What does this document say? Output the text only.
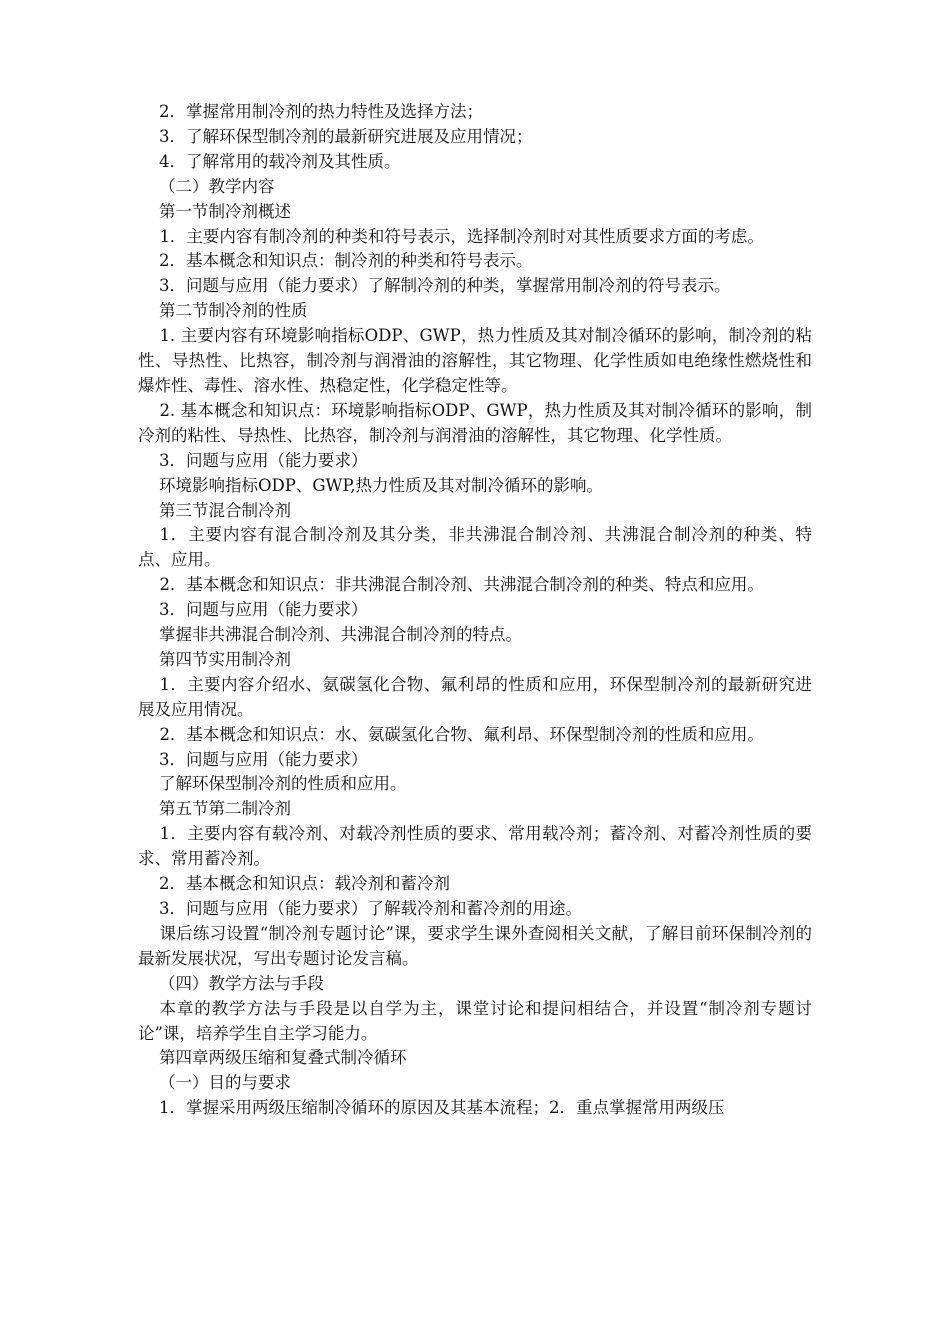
2．掌握常用制冷剂的热力特性及选择方法；
3．了解环保型制冷剂的最新研究进展及应用情况；
4．了解常用的载冷剂及其性质。
（二）教学内容
第一节制冷剂概述
1．主要内容有制冷剂的种类和符号表示，选择制冷剂时对其性质要求方面的考虑。
2．基本概念和知识点：制冷剂的种类和符号表示。
3．问题与应用（能力要求）了解制冷剂的种类，掌握常用制冷剂的符号表示。
第二节制冷剂的性质
1. 主要内容有环境影响指标ODP、GWP，热力性质及其对制冷循环的影响，制冷剂的粘性、导热性、比热容，制冷剂与润滑油的溶解性，其它物理、化学性质如电绝缘性燃烧性和爆炸性、毒性、溶水性、热稳定性，化学稳定性等。
2. 基本概念和知识点：环境影响指标ODP、GWP，热力性质及其对制冷循环的影响，制冷剂的粘性、导热性、比热容，制冷剂与润滑油的溶解性，其它物理、化学性质。
3．问题与应用（能力要求）
环境影响指标ODP、GWP,热力性质及其对制冷循环的影响。
第三节混合制冷剂
1．主要内容有混合制冷剂及其分类，非共沸混合制冷剂、共沸混合制冷剂的种类、特点、应用。
2．基本概念和知识点：非共沸混合制冷剂、共沸混合制冷剂的种类、特点和应用。
3．问题与应用（能力要求）
掌握非共沸混合制冷剂、共沸混合制冷剂的特点。
第四节实用制冷剂
1．主要内容介绍水、氨碳氢化合物、氟利昂的性质和应用，环保型制冷剂的最新研究进展及应用情况。
2．基本概念和知识点：水、氨碳氢化合物、氟利昂、环保型制冷剂的性质和应用。
3．问题与应用（能力要求）
了解环保型制冷剂的性质和应用。
第五节第二制冷剂
1．主要内容有载冷剂、对载冷剂性质的要求、常用载冷剂；蓄冷剂、对蓄冷剂性质的要求、常用蓄冷剂。
2．基本概念和知识点：载冷剂和蓄冷剂
3．问题与应用（能力要求）了解载冷剂和蓄冷剂的用途。
课后练习设置“制冷剂专题讨论”课，要求学生课外查阅相关文献，了解目前环保制冷剂的最新发展状况，写出专题讨论发言稿。
（四）教学方法与手段
本章的教学方法与手段是以自学为主，课堂讨论和提问相结合，并设置“制冷剂专题讨论”课，培养学生自主学习能力。
第四章两级压缩和复叠式制冷循环
（一）目的与要求
1．掌握采用两级压缩制冷循环的原因及其基本流程；2．重点掌握常用两级压
